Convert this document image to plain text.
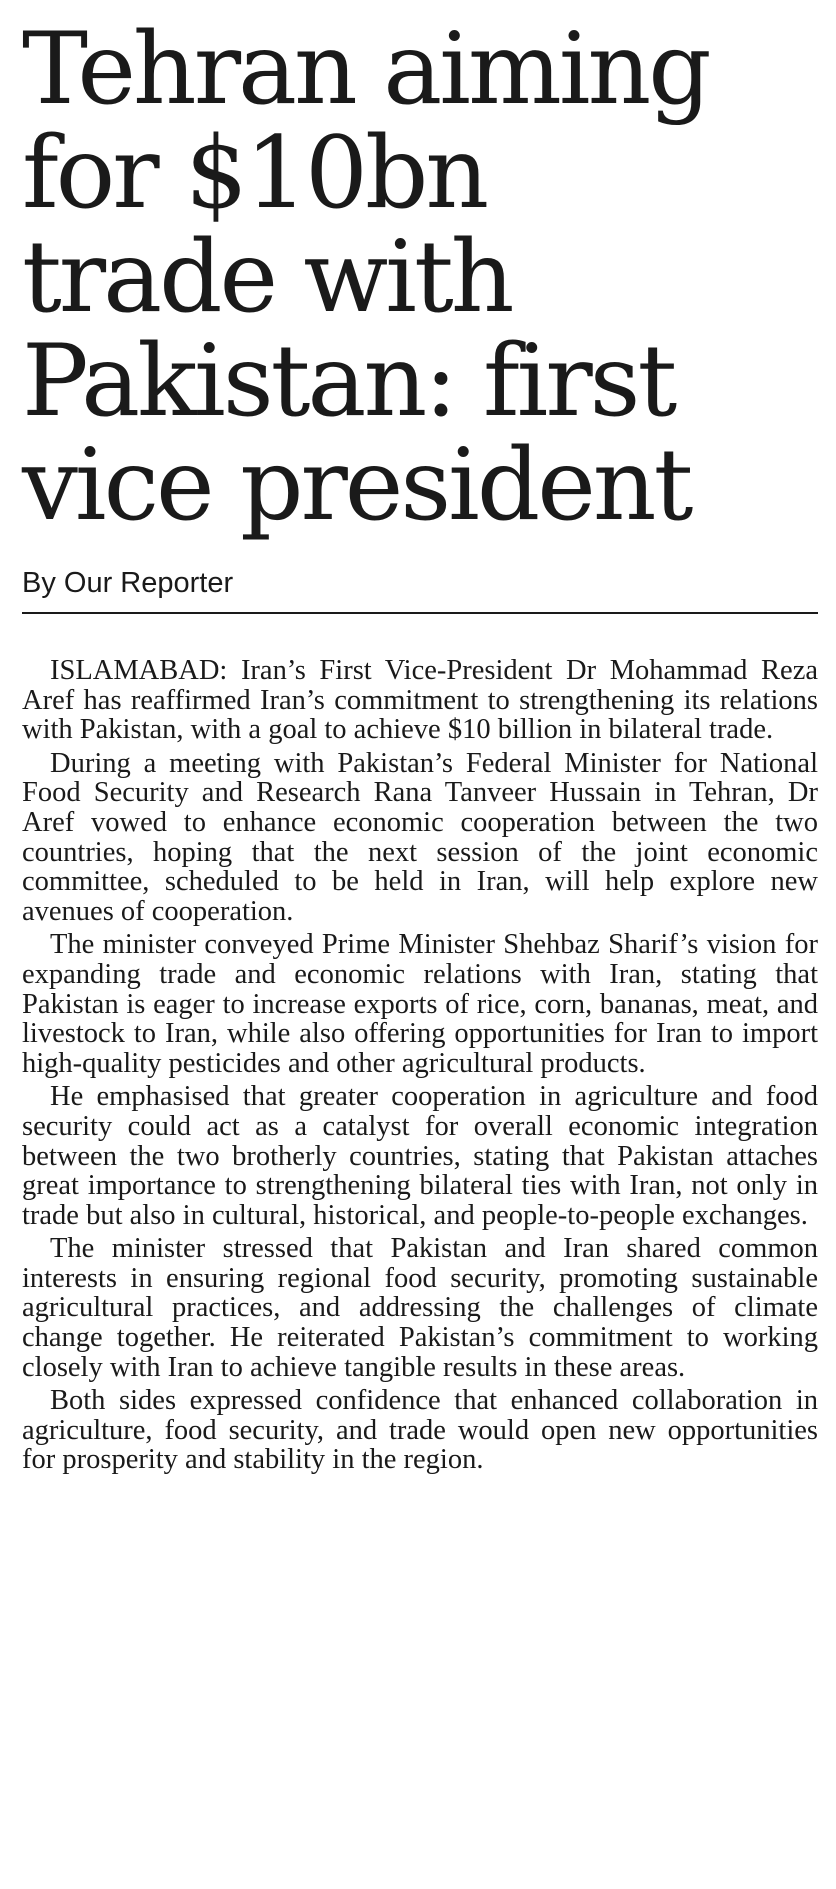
Tehran aiming
for $10bn
trade with
Pakistan: first
vice president
By Our Reporter

ISLAMABAD: Iran’s First Vice-President Dr Mohammad Reza Aref has reaffirmed Iran’s commitment to strengthening its relations with Pakistan, with a goal to achieve $10 billion in bilateral trade.

During a meeting with Pakistan’s Federal Minister for National Food Security and Research Rana Tanveer Hussain in Tehran, Dr Aref vowed to enhance economic cooperation between the two countries, hoping that the next session of the joint economic committee, scheduled to be held in Iran, will help explore new avenues of cooperation.

The minister conveyed Prime Minister Shehbaz Sharif’s vision for expanding trade and economic relations with Iran, stating that Pakistan is eager to increase exports of rice, corn, bananas, meat, and livestock to Iran, while also offering opportunities for Iran to import high-quality pesticides and other agricultural products.

He emphasised that greater cooperation in agriculture and food security could act as a catalyst for overall economic integration between the two brotherly countries, stating that Pakistan attaches great importance to strengthening bilateral ties with Iran, not only in trade but also in cultural, historical, and people-to-people exchanges.

The minister stressed that Pakistan and Iran shared common interests in ensuring regional food security, promoting sustainable agricultural practices, and addressing the challenges of climate change together. He reiterated Pakistan’s commitment to working closely with Iran to achieve tangible results in these areas.

Both sides expressed confidence that enhanced collaboration in agriculture, food security, and trade would open new opportunities for prosperity and stability in the region.
